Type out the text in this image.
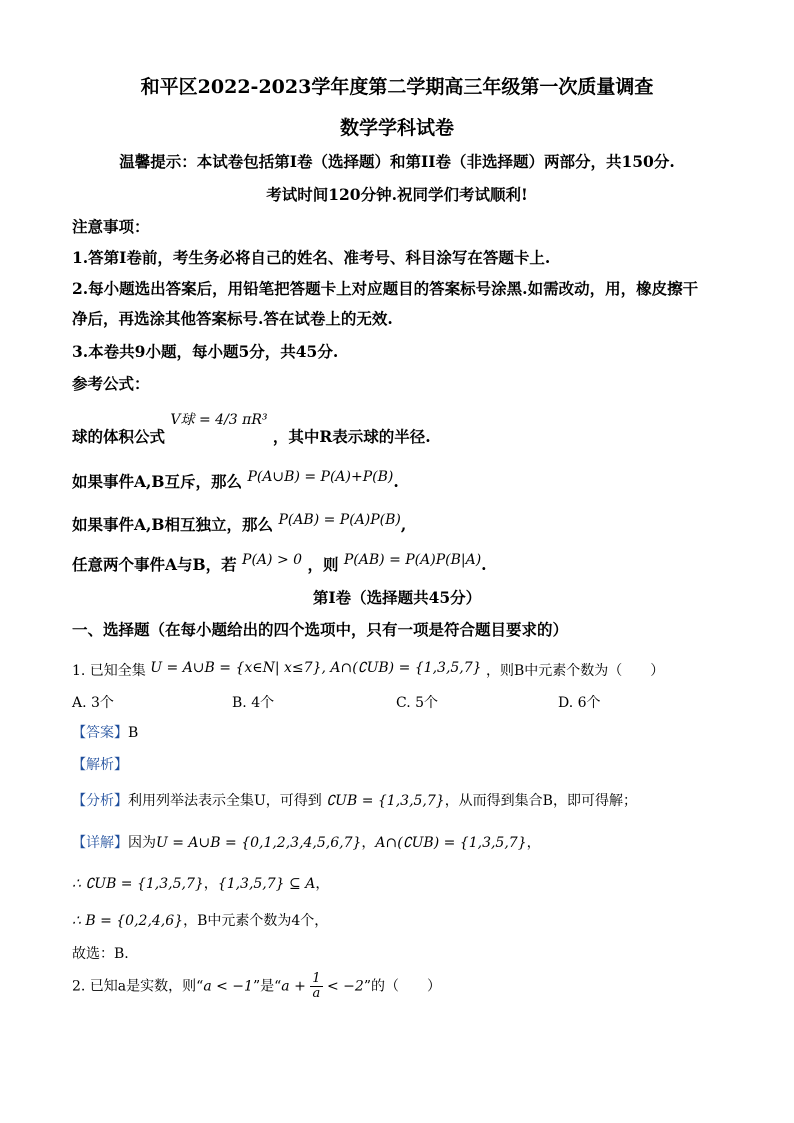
和平区2022-2023学年度第二学期高三年级第一次质量调查
数学学科试卷
温馨提示：本试卷包括第I卷（选择题）和第II卷（非选择题）两部分，共150分.
考试时间120分钟.祝同学们考试顺利!
注意事项：
1.答第I卷前，考生务必将自己的姓名、准考号、科目涂写在答题卡上.
2.每小题选出答案后，用铅笔把答题卡上对应题目的答案标号涂黑.如需改动，用，橡皮擦干
净后，再选涂其他答案标号.答在试卷上的无效.
3.本卷共9小题，每小题5分，共45分.
参考公式：
球的体积公式 V球 = 4/3 πR³ ，其中R表示球的半径.
如果事件A,B互斥，那么 P(A∪B) = P(A)+P(B).
如果事件A,B相互独立，那么 P(AB) = P(A)P(B),
任意两个事件A与B，若 P(A) > 0 ，则 P(AB) = P(A)P(B|A).
第I卷（选择题共45分）
一、选择题（在每小题给出的四个选项中，只有一项是符合题目要求的）
1. 已知全集 U = A∪B = {x∈N| x≤7}, A∩(∁UB) = {1,3,5,7} ，则B中元素个数为（　　）
A. 3个	B. 4个	C. 5个	D. 6个
【答案】B
【解析】
【分析】利用列举法表示全集U，可得到 ∁UB = {1,3,5,7}，从而得到集合B，即可得解；
【详解】因为U = A∪B = {0,1,2,3,4,5,6,7}，A∩(∁UB) = {1,3,5,7}，
∴ ∁UB = {1,3,5,7}，{1,3,5,7} ⊆ A，
∴ B = {0,2,4,6}，B中元素个数为4个，
故选：B.
2. 已知a是实数，则“a < −1”是“$a + \frac{1}{a} < -2$”的（　　）
